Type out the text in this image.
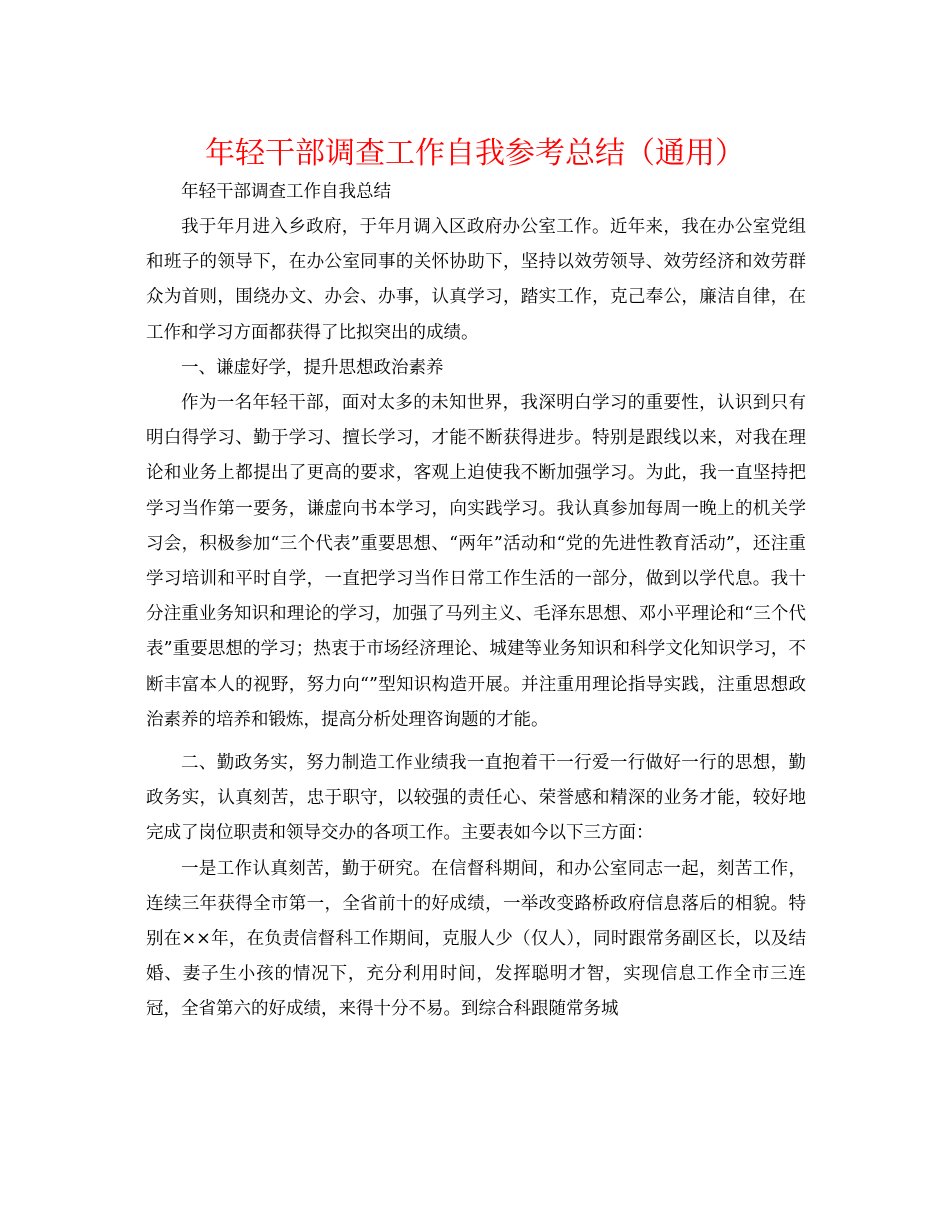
年轻干部调查工作自我参考总结（通用）

年轻干部调查工作自我总结

我于年月进入乡政府，于年月调入区政府办公室工作。近年来，我在办公室党组和班子的领导下，在办公室同事的关怀协助下，坚持以效劳领导、效劳经济和效劳群众为首则，围绕办文、办会、办事，认真学习，踏实工作，克己奉公，廉洁自律，在工作和学习方面都获得了比拟突出的成绩。

一、谦虚好学，提升思想政治素养

作为一名年轻干部，面对太多的未知世界，我深明白学习的重要性，认识到只有明白得学习、勤于学习、擅长学习，才能不断获得进步。特别是跟线以来，对我在理论和业务上都提出了更高的要求，客观上迫使我不断加强学习。为此，我一直坚持把学习当作第一要务，谦虚向书本学习，向实践学习。我认真参加每周一晚上的机关学习会，积极参加“三个代表”重要思想、“两年”活动和“党的先进性教育活动”，还注重学习培训和平时自学，一直把学习当作日常工作生活的一部分，做到以学代息。我十分注重业务知识和理论的学习，加强了马列主义、毛泽东思想、邓小平理论和“三个代表”重要思想的学习；热衷于市场经济理论、城建等业务知识和科学文化知识学习，不断丰富本人的视野，努力向“”型知识构造开展。并注重用理论指导实践，注重思想政治素养的培养和锻炼，提高分析处理咨询题的才能。

二、勤政务实，努力制造工作业绩我一直抱着干一行爱一行做好一行的思想，勤政务实，认真刻苦，忠于职守，以较强的责任心、荣誉感和精深的业务才能，较好地完成了岗位职责和领导交办的各项工作。主要表如今以下三方面：

一是工作认真刻苦，勤于研究。在信督科期间，和办公室同志一起，刻苦工作，连续三年获得全市第一，全省前十的好成绩，一举改变路桥政府信息落后的相貌。特别在××年，在负责信督科工作期间，克服人少（仅人），同时跟常务副区长，以及结婚、妻子生小孩的情况下，充分利用时间，发挥聪明才智，实现信息工作全市三连冠，全省第六的好成绩，来得十分不易。到综合科跟随常务城
